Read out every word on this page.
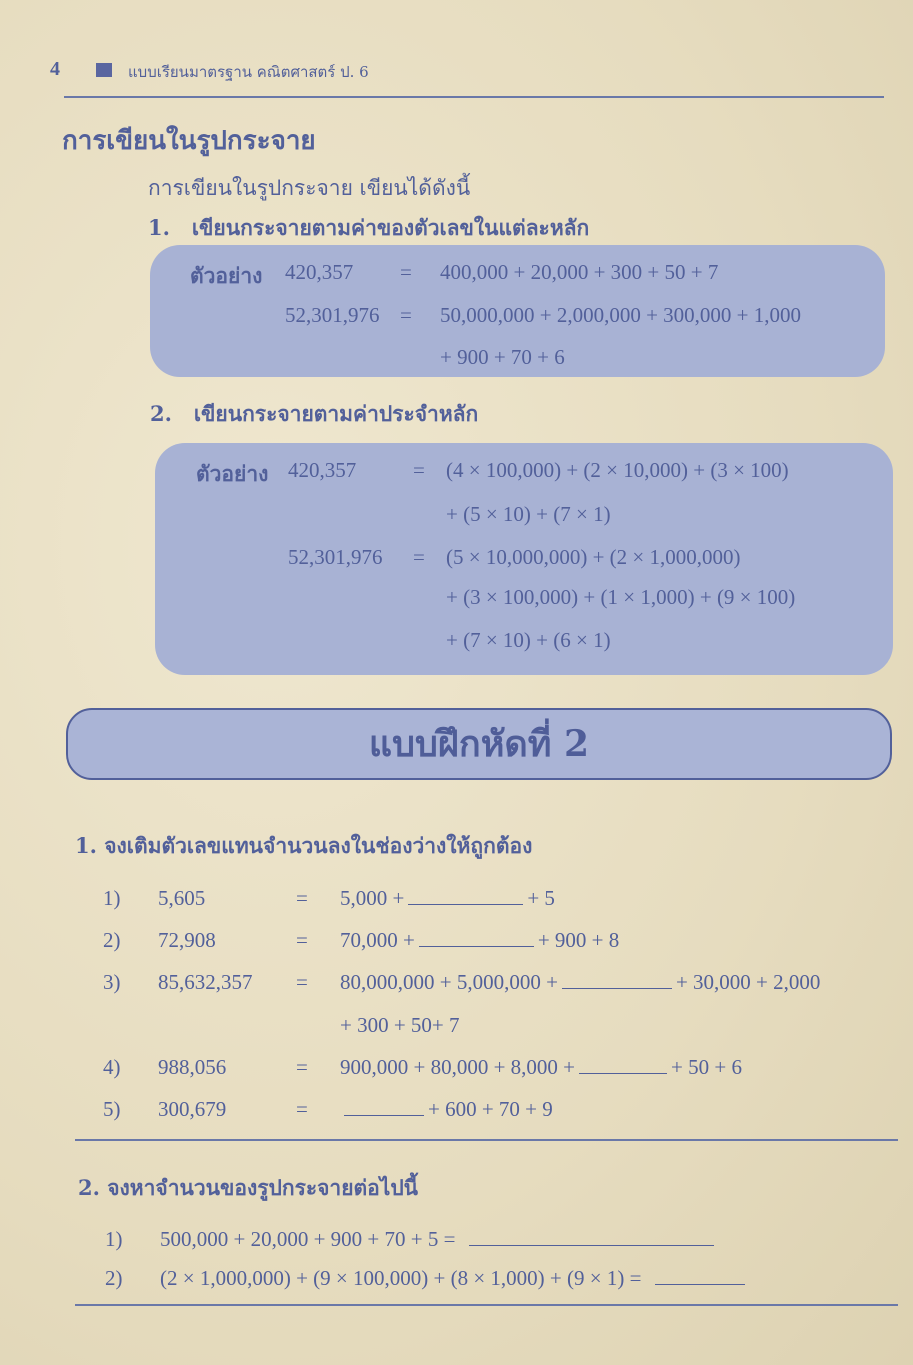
4	แบบเรียนมาตรฐาน คณิตศาสตร์ ป. 6
การเขียนในรูปกระจาย
การเขียนในรูปกระจาย เขียนได้ดังนี้
1. เขียนกระจายตามค่าของตัวเลขในแต่ละหลัก
ตัวอย่าง 420,357 = 400,000 + 20,000 + 300 + 50 + 7
52,301,976 = 50,000,000 + 2,000,000 + 300,000 + 1,000
+ 900 + 70 + 6
2. เขียนกระจายตามค่าประจำหลัก
ตัวอย่าง 420,357	= (4 × 100,000) + (2 × 10,000) + (3 × 100)
+ (5 × 10) + (7 × 1)
52,301,976 = (5 × 10,000,000) + (2 × 1,000,000)
+ (3 × 100,000) + (1 × 1,000) + (9 × 100)
+ (7 × 10) + (6 × 1)
แบบฝึกหัดที่ 2
1. จงเติมตัวเลขแทนจำนวนลงในช่องว่างให้ถูกต้อง
1) 5,605	= 5,000 +	+ 5
2) 72,908	= 70,000 +	+ 900 + 8
3) 85,632,357 = 80,000,000 + 5,000,000 +	+ 30,000 + 2,000
+ 300 + 50+ 7
4) 988,056	= 900,000 + 80,000 + 8,000 +	+ 50 + 6
5) 300,679	=	+ 600 + 70 + 9
2. จงหาจำนวนของรูปกระจายต่อไปนี้
1) 500,000 + 20,000 + 900 + 70 + 5 =
2) (2 × 1,000,000) + (9 × 100,000) + (8 × 1,000) + (9 × 1) =
